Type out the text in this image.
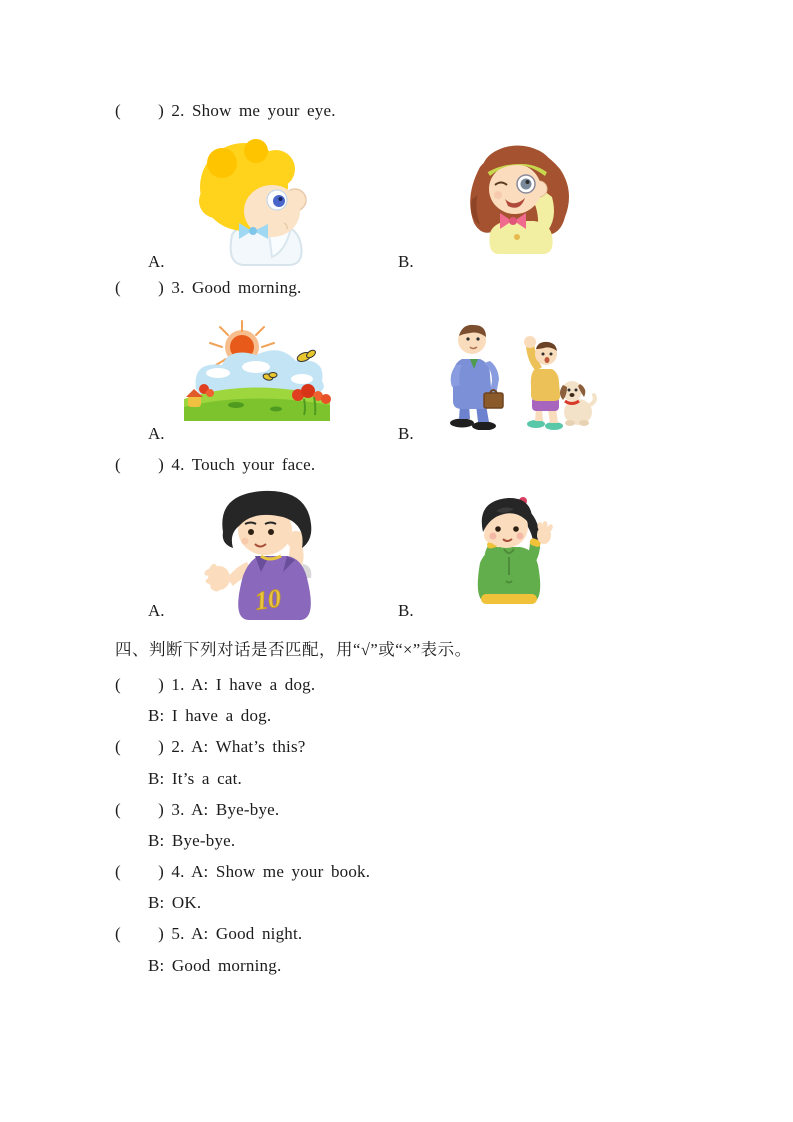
(     ) 2. Show me your eye.
A.	B.
(     ) 3. Good morning.
A.	B.
(     ) 4. Touch your face.
10
A.	B.
四、判断下列对话是否匹配，用“√”或“×”表示。
(     ) 1. A: I have a dog.
B: I have a dog.
(     ) 2. A: What’s this?
B: It’s a cat.
(     ) 3. A: Bye-bye.
B: Bye-bye.
(     ) 4. A: Show me your book.
B: OK.
(     ) 5. A: Good night.
B: Good morning.
